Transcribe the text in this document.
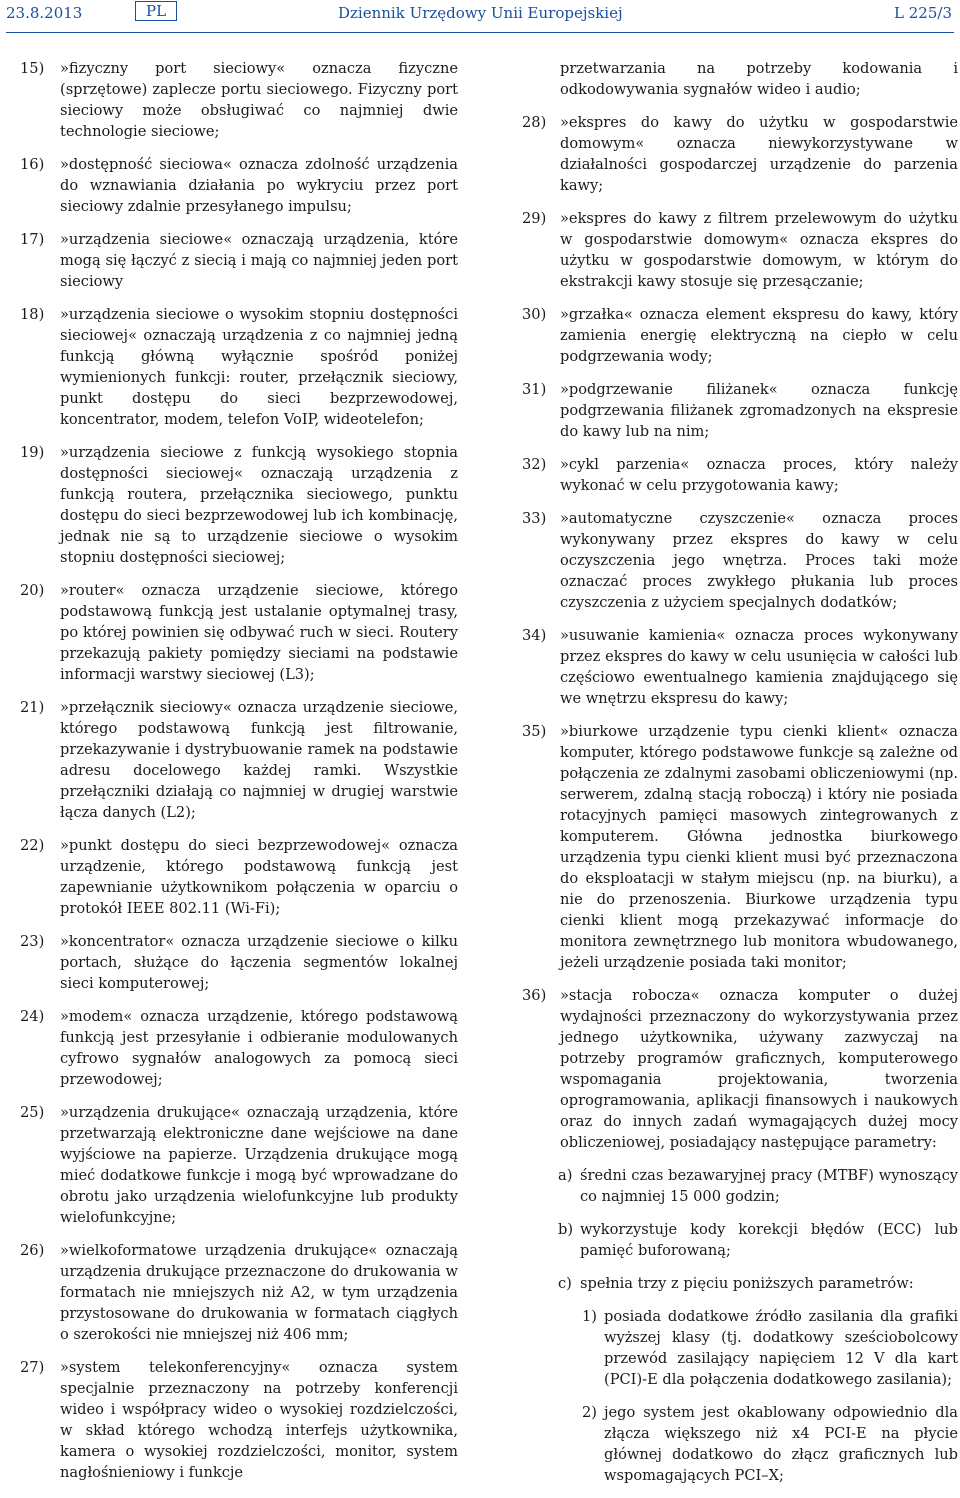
23.8.2013	PL	Dziennik Urzędowy Unii Europejskiej	L 225/3
15)	»fizyczny port sieciowy« oznacza fizyczne (sprzętowe) zaplecze portu sieciowego. Fizyczny port sieciowy może obsługiwać co najmniej dwie technologie sieciowe;
16)	»dostępność sieciowa« oznacza zdolność urządzenia do wznawiania działania po wykryciu przez port sieciowy zdalnie przesyłanego impulsu;
17)	»urządzenia sieciowe« oznaczają urządzenia, które mogą się łączyć z siecią i mają co najmniej jeden port sieciowy
18)	»urządzenia sieciowe o wysokim stopniu dostępności sieciowej« oznaczają urządzenia z co najmniej jedną funkcją główną wyłącznie spośród poniżej wymienionych funkcji: router, przełącznik sieciowy, punkt dostępu do sieci bezprzewodowej, koncentrator, modem, telefon VoIP, wideotelefon;
19)	»urządzenia sieciowe z funkcją wysokiego stopnia dostępności sieciowej« oznaczają urządzenia z funkcją routera, przełącznika sieciowego, punktu dostępu do sieci bezprzewodowej lub ich kombinację, jednak nie są to urządzenie sieciowe o wysokim stopniu dostępności sieciowej;
20)	»router« oznacza urządzenie sieciowe, którego podstawową funkcją jest ustalanie optymalnej trasy, po której powinien się odbywać ruch w sieci. Routery przekazują pakiety pomiędzy sieciami na podstawie informacji warstwy sieciowej (L3);
21)	»przełącznik sieciowy« oznacza urządzenie sieciowe, którego podstawową funkcją jest filtrowanie, przekazywanie i dystrybuowanie ramek na podstawie adresu docelowego każdej ramki. Wszystkie przełączniki działają co najmniej w drugiej warstwie łącza danych (L2);
22)	»punkt dostępu do sieci bezprzewodowej« oznacza urządzenie, którego podstawową funkcją jest zapewnianie użytkownikom połączenia w oparciu o protokół IEEE 802.11 (Wi-Fi);
23)	»koncentrator« oznacza urządzenie sieciowe o kilku portach, służące do łączenia segmentów lokalnej sieci komputerowej;
24)	»modem« oznacza urządzenie, którego podstawową funkcją jest przesyłanie i odbieranie modulowanych cyfrowo sygnałów analogowych za pomocą sieci przewodowej;
25)	»urządzenia drukujące« oznaczają urządzenia, które przetwarzają elektroniczne dane wejściowe na dane wyjściowe na papierze. Urządzenia drukujące mogą mieć dodatkowe funkcje i mogą być wprowadzane do obrotu jako urządzenia wielofunkcyjne lub produkty wielofunkcyjne;
26)	»wielkoformatowe urządzenia drukujące« oznaczają urządzenia drukujące przeznaczone do drukowania w formatach nie mniejszych niż A2, w tym urządzenia przystosowane do drukowania w formatach ciągłych o szerokości nie mniejszej niż 406 mm;
27)	»system telekonferencyjny« oznacza system specjalnie przeznaczony na potrzeby konferencji wideo i współpracy wideo o wysokiej rozdzielczości, w skład którego wchodzą interfejs użytkownika, kamera o wysokiej rozdzielczości, monitor, system nagłośnieniowy i funkcje
przetwarzania na potrzeby kodowania i odkodowywania sygnałów wideo i audio;
28) »ekspres do kawy do użytku w gospodarstwie domowym« oznacza niewykorzystywane w działalności gospodarczej urządzenie do parzenia kawy;
29) »ekspres do kawy z filtrem przelewowym do użytku w gospodarstwie domowym« oznacza ekspres do użytku w gospodarstwie domowym, w którym do ekstrakcji kawy stosuje się przesączanie;
30) »grzałka« oznacza element ekspresu do kawy, który zamienia energię elektryczną na ciepło w celu podgrzewania wody;
31) »podgrzewanie filiżanek« oznacza funkcję podgrzewania filiżanek zgromadzonych na ekspresie do kawy lub na nim;
32) »cykl parzenia« oznacza proces, który należy wykonać w celu przygotowania kawy;
33) »automatyczne czyszczenie« oznacza proces wykonywany przez ekspres do kawy w celu oczyszczenia jego wnętrza. Proces taki może oznaczać proces zwykłego płukania lub proces czyszczenia z użyciem specjalnych dodatków;
34) »usuwanie kamienia« oznacza proces wykonywany przez ekspres do kawy w celu usunięcia w całości lub częściowo ewentualnego kamienia znajdującego się we wnętrzu ekspresu do kawy;
35) »biurkowe urządzenie typu cienki klient« oznacza komputer, którego podstawowe funkcje są zależne od połączenia ze zdalnymi zasobami obliczeniowymi (np. serwerem, zdalną stacją roboczą) i który nie posiada rotacyjnych pamięci masowych zintegrowanych z komputerem. Główna jednostka biurkowego urządzenia typu cienki klient musi być przeznaczona do eksploatacji w stałym miejscu (np. na biurku), a nie do przenoszenia. Biurkowe urządzenia typu cienki klient mogą przekazywać informacje do monitora zewnętrznego lub monitora wbudowanego, jeżeli urządzenie posiada taki monitor;
36) »stacja robocza« oznacza komputer o dużej wydajności przeznaczony do wykorzystywania przez jednego użytkownika, używany zazwyczaj na potrzeby programów graficznych, komputerowego wspomagania projektowania, tworzenia oprogramowania, aplikacji finansowych i naukowych oraz do innych zadań wymagających dużej mocy obliczeniowej, posiadający następujące parametry:
a) średni czas bezawaryjnej pracy (MTBF) wynoszący co najmniej 15 000 godzin;
b) wykorzystuje kody korekcji błędów (ECC) lub pamięć buforowaną;
c) spełnia trzy z pięciu poniższych parametrów:
1) posiada dodatkowe źródło zasilania dla grafiki wyższej klasy (tj. dodatkowy sześciobolcowy przewód zasilający napięciem 12 V dla kart (PCI)-E dla połączenia dodatkowego zasilania);
2) jego system jest okablowany odpowiednio dla złącza większego niż x4 PCI-E na płycie głównej dodatkowo do złącz graficznych lub wspomagających PCI–X;
